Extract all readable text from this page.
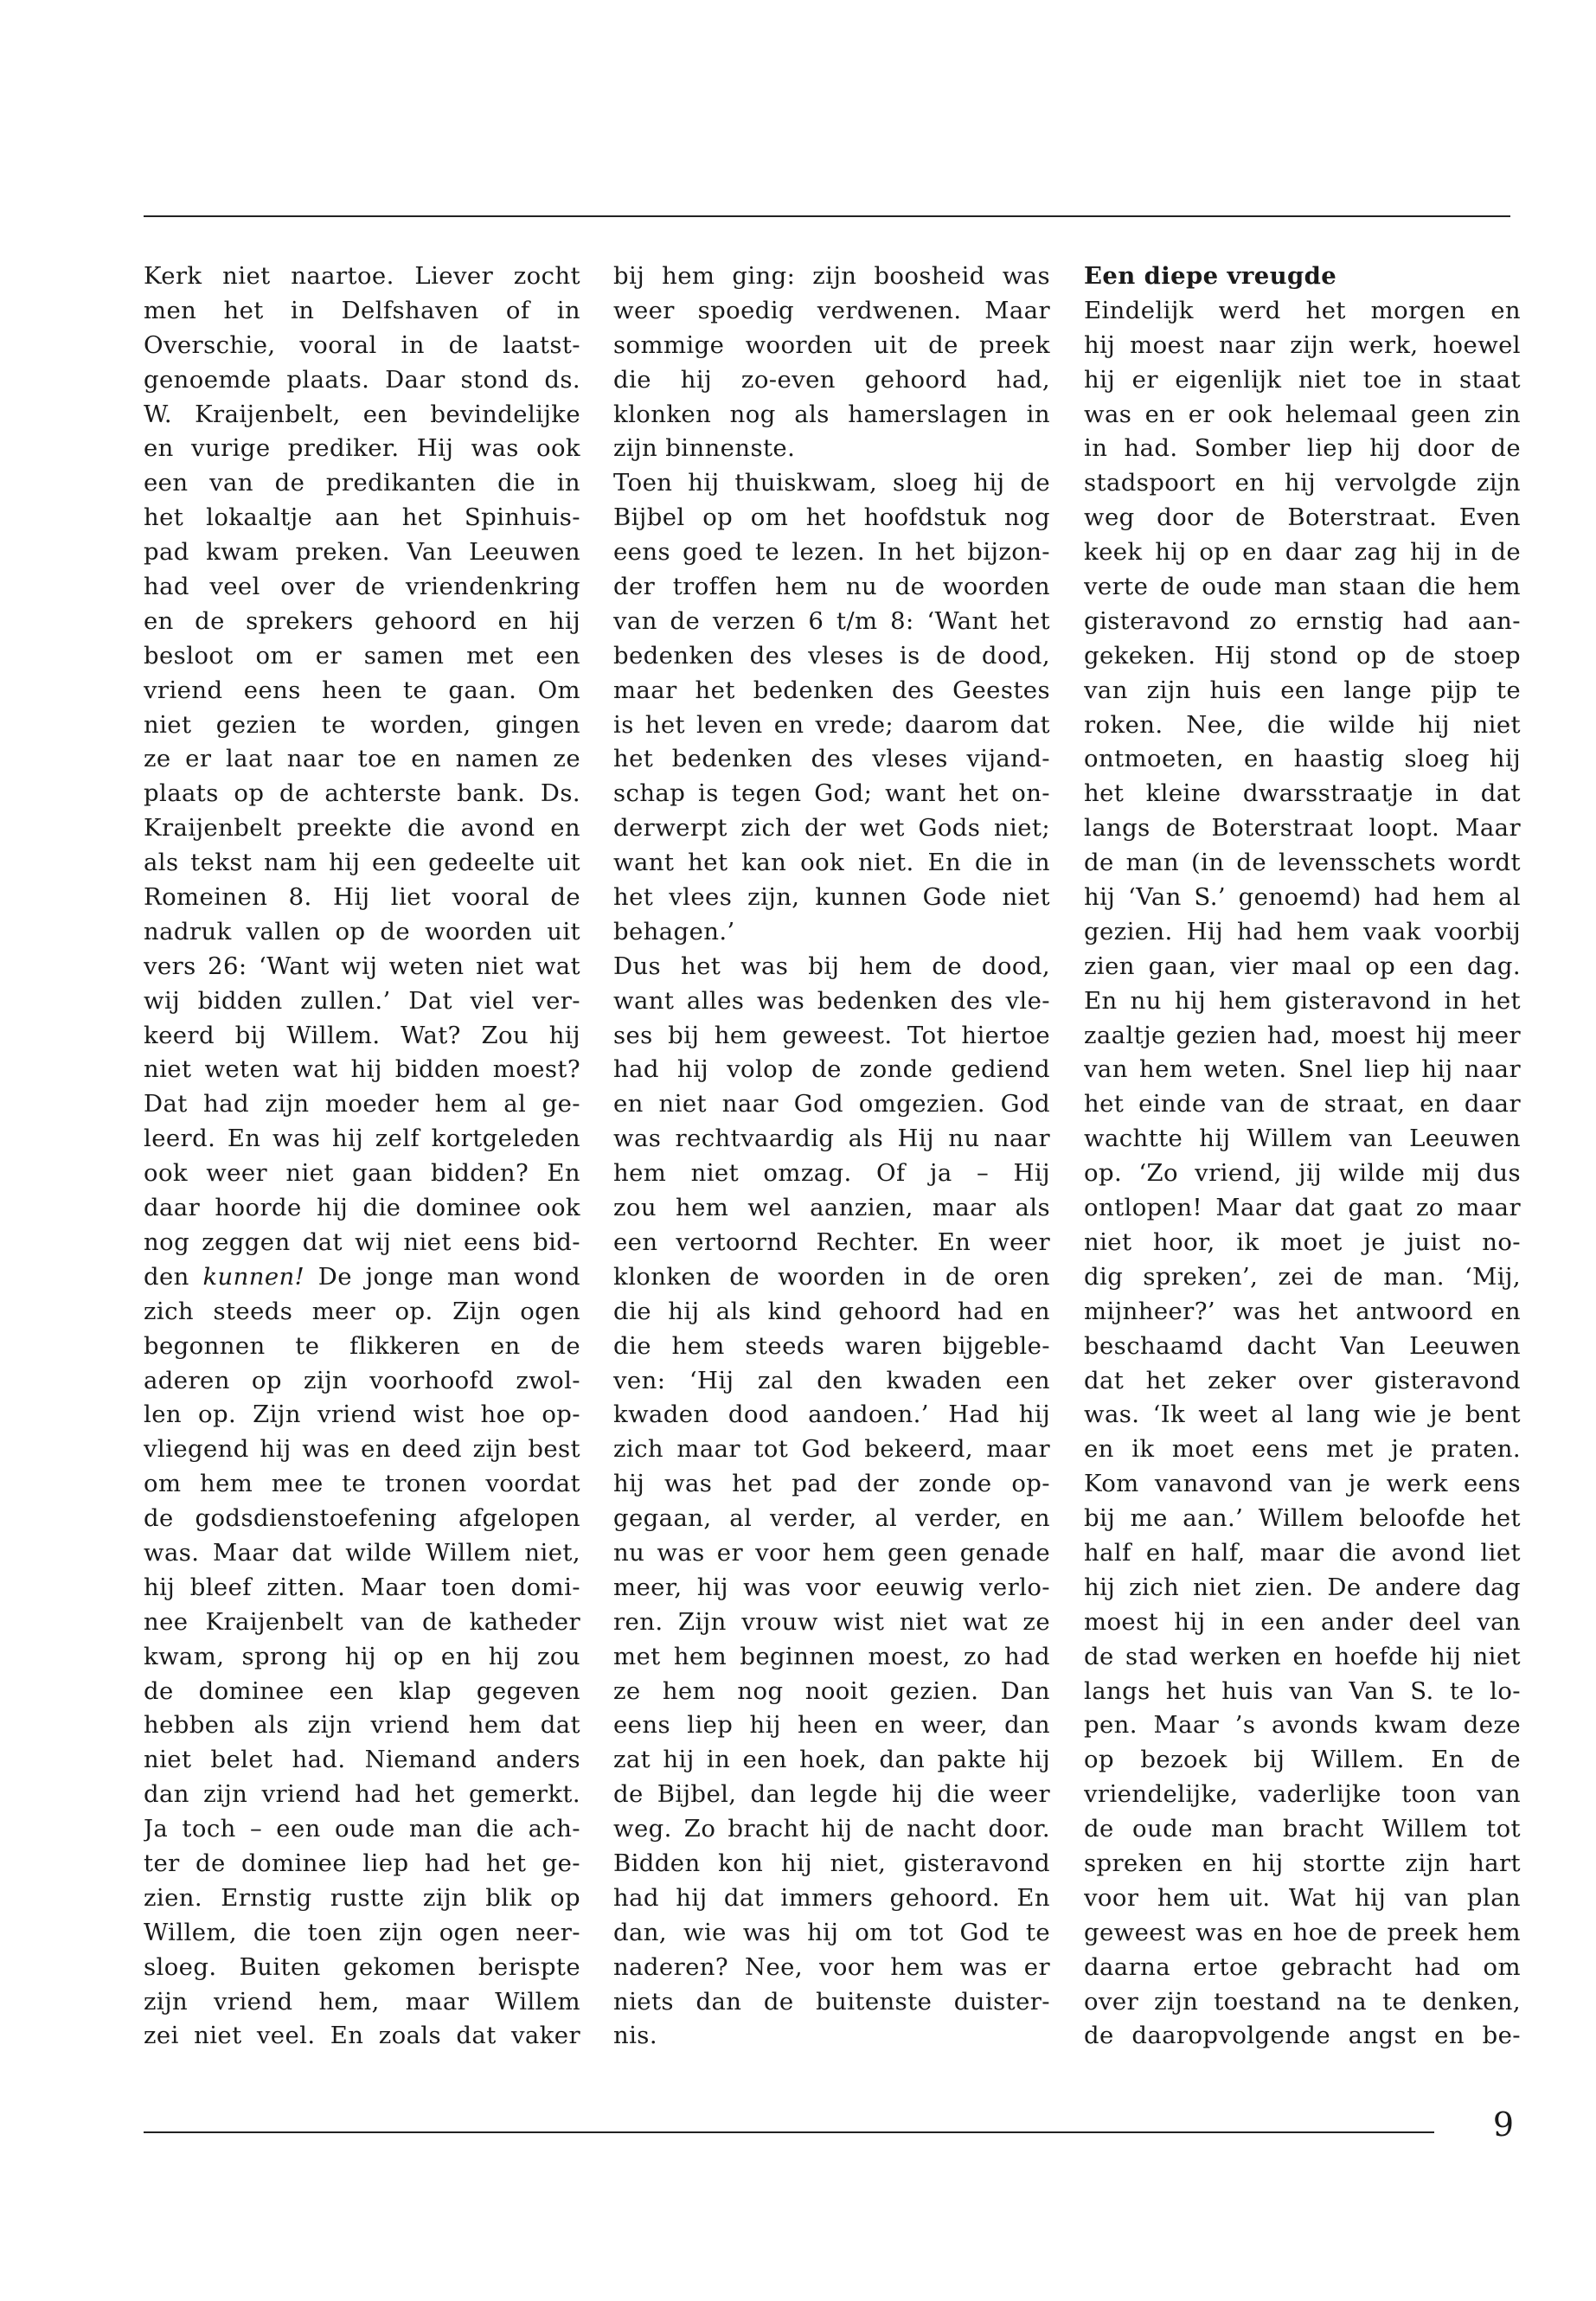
Kerk niet naartoe. Liever zocht
men het in Delfshaven of in
Overschie, vooral in de laatst-
genoemde plaats. Daar stond ds.
W. Kraijenbelt, een bevindelijke
en vurige prediker. Hij was ook
een van de predikanten die in
het lokaaltje aan het Spinhuis-
pad kwam preken. Van Leeuwen
had veel over de vriendenkring
en de sprekers gehoord en hij
besloot om er samen met een
vriend eens heen te gaan. Om
niet gezien te worden, gingen
ze er laat naar toe en namen ze
plaats op de achterste bank. Ds.
Kraijenbelt preekte die avond en
als tekst nam hij een gedeelte uit
Romeinen 8. Hij liet vooral de
nadruk vallen op de woorden uit
vers 26: ‘Want wij weten niet wat
wij bidden zullen.’ Dat viel ver-
keerd bij Willem. Wat? Zou hij
niet weten wat hij bidden moest?
Dat had zijn moeder hem al ge-
leerd. En was hij zelf kortgeleden
ook weer niet gaan bidden? En
daar hoorde hij die dominee ook
nog zeggen dat wij niet eens bid-
den kunnen! De jonge man wond
zich steeds meer op. Zijn ogen
begonnen te flikkeren en de
aderen op zijn voorhoofd zwol-
len op. Zijn vriend wist hoe op-
vliegend hij was en deed zijn best
om hem mee te tronen voordat
de godsdienstoefening afgelopen
was. Maar dat wilde Willem niet,
hij bleef zitten. Maar toen domi-
nee Kraijenbelt van de katheder
kwam, sprong hij op en hij zou
de dominee een klap gegeven
hebben als zijn vriend hem dat
niet belet had. Niemand anders
dan zijn vriend had het gemerkt.
Ja toch – een oude man die ach-
ter de dominee liep had het ge-
zien. Ernstig rustte zijn blik op
Willem, die toen zijn ogen neer-
sloeg. Buiten gekomen berispte
zijn vriend hem, maar Willem
zei niet veel. En zoals dat vaker
bij hem ging: zijn boosheid was
weer spoedig verdwenen. Maar
sommige woorden uit de preek
die hij zo-even gehoord had,
klonken nog als hamerslagen in
zijn binnenste.
Toen hij thuiskwam, sloeg hij de
Bijbel op om het hoofdstuk nog
eens goed te lezen. In het bijzon-
der troffen hem nu de woorden
van de verzen 6 t/m 8: ‘Want het
bedenken des vleses is de dood,
maar het bedenken des Geestes
is het leven en vrede; daarom dat
het bedenken des vleses vijand-
schap is tegen God; want het on-
derwerpt zich der wet Gods niet;
want het kan ook niet. En die in
het vlees zijn, kunnen Gode niet
behagen.’
Dus het was bij hem de dood,
want alles was bedenken des vle-
ses bij hem geweest. Tot hiertoe
had hij volop de zonde gediend
en niet naar God omgezien. God
was rechtvaardig als Hij nu naar
hem niet omzag. Of ja – Hij
zou hem wel aanzien, maar als
een vertoornd Rechter. En weer
klonken de woorden in de oren
die hij als kind gehoord had en
die hem steeds waren bijgeble-
ven: ‘Hij zal den kwaden een
kwaden dood aandoen.’ Had hij
zich maar tot God bekeerd, maar
hij was het pad der zonde op-
gegaan, al verder, al verder, en
nu was er voor hem geen genade
meer, hij was voor eeuwig verlo-
ren. Zijn vrouw wist niet wat ze
met hem beginnen moest, zo had
ze hem nog nooit gezien. Dan
eens liep hij heen en weer, dan
zat hij in een hoek, dan pakte hij
de Bijbel, dan legde hij die weer
weg. Zo bracht hij de nacht door.
Bidden kon hij niet, gisteravond
had hij dat immers gehoord. En
dan, wie was hij om tot God te
naderen? Nee, voor hem was er
niets dan de buitenste duister-
nis.
Een diepe vreugde
Eindelijk werd het morgen en
hij moest naar zijn werk, hoewel
hij er eigenlijk niet toe in staat
was en er ook helemaal geen zin
in had. Somber liep hij door de
stadspoort en hij vervolgde zijn
weg door de Boterstraat. Even
keek hij op en daar zag hij in de
verte de oude man staan die hem
gisteravond zo ernstig had aan-
gekeken. Hij stond op de stoep
van zijn huis een lange pijp te
roken. Nee, die wilde hij niet
ontmoeten, en haastig sloeg hij
het kleine dwarsstraatje in dat
langs de Boterstraat loopt. Maar
de man (in de levensschets wordt
hij ‘Van S.’ genoemd) had hem al
gezien. Hij had hem vaak voorbij
zien gaan, vier maal op een dag.
En nu hij hem gisteravond in het
zaaltje gezien had, moest hij meer
van hem weten. Snel liep hij naar
het einde van de straat, en daar
wachtte hij Willem van Leeuwen
op. ‘Zo vriend, jij wilde mij dus
ontlopen! Maar dat gaat zo maar
niet hoor, ik moet je juist no-
dig spreken’, zei de man. ‘Mij,
mijnheer?’ was het antwoord en
beschaamd dacht Van Leeuwen
dat het zeker over gisteravond
was. ‘Ik weet al lang wie je bent
en ik moet eens met je praten.
Kom vanavond van je werk eens
bij me aan.’ Willem beloofde het
half en half, maar die avond liet
hij zich niet zien. De andere dag
moest hij in een ander deel van
de stad werken en hoefde hij niet
langs het huis van Van S. te lo-
pen. Maar ’s avonds kwam deze
op bezoek bij Willem. En de
vriendelijke, vaderlijke toon van
de oude man bracht Willem tot
spreken en hij stortte zijn hart
voor hem uit. Wat hij van plan
geweest was en hoe de preek hem
daarna ertoe gebracht had om
over zijn toestand na te denken,
de daaropvolgende angst en be-
9
